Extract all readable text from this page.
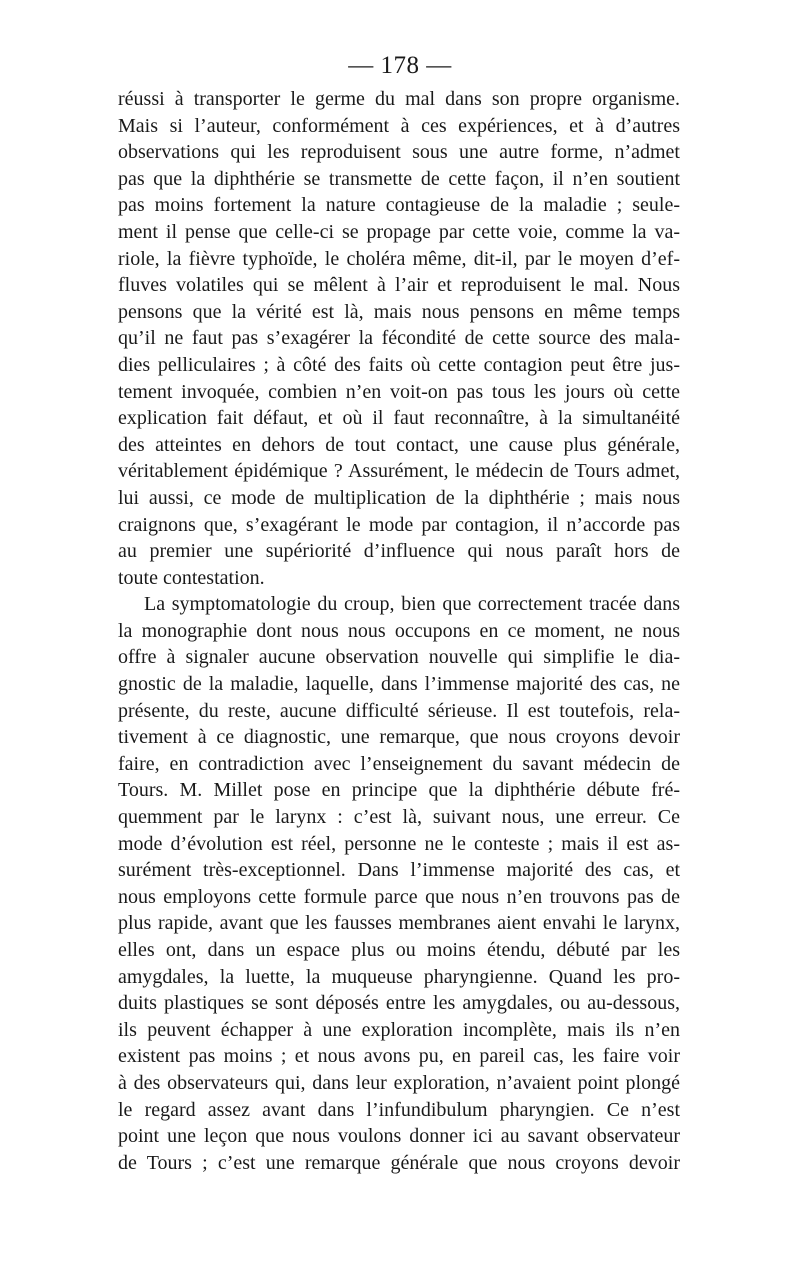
— 178 —
réussi à transporter le germe du mal dans son propre organisme.
Mais si l’auteur, conformément à ces expériences, et à d’autres
observations qui les reproduisent sous une autre forme, n’admet
pas que la diphthérie se transmette de cette façon, il n’en soutient
pas moins fortement la nature contagieuse de la maladie ; seule-
ment il pense que celle-ci se propage par cette voie, comme la va-
riole, la fièvre typhoïde, le choléra même, dit-il, par le moyen d’ef-
fluves volatiles qui se mêlent à l’air et reproduisent le mal. Nous
pensons que la vérité est là, mais nous pensons en même temps
qu’il ne faut pas s’exagérer la fécondité de cette source des mala-
dies pelliculaires ; à côté des faits où cette contagion peut être jus-
tement invoquée, combien n’en voit-on pas tous les jours où cette
explication fait défaut, et où il faut reconnaître, à la simultanéité
des atteintes en dehors de tout contact, une cause plus générale,
véritablement épidémique ? Assurément, le médecin de Tours admet,
lui aussi, ce mode de multiplication de la diphthérie ; mais nous
craignons que, s’exagérant le mode par contagion, il n’accorde pas
au premier une supériorité d’influence qui nous paraît hors de
toute contestation.
La symptomatologie du croup, bien que correctement tracée dans
la monographie dont nous nous occupons en ce moment, ne nous
offre à signaler aucune observation nouvelle qui simplifie le dia-
gnostic de la maladie, laquelle, dans l’immense majorité des cas, ne
présente, du reste, aucune difficulté sérieuse. Il est toutefois, rela-
tivement à ce diagnostic, une remarque, que nous croyons devoir
faire, en contradiction avec l’enseignement du savant médecin de
Tours. M. Millet pose en principe que la diphthérie débute fré-
quemment par le larynx : c’est là, suivant nous, une erreur. Ce
mode d’évolution est réel, personne ne le conteste ; mais il est as-
surément très-exceptionnel. Dans l’immense majorité des cas, et
nous employons cette formule parce que nous n’en trouvons pas de
plus rapide, avant que les fausses membranes aient envahi le larynx,
elles ont, dans un espace plus ou moins étendu, débuté par les
amygdales, la luette, la muqueuse pharyngienne. Quand les pro-
duits plastiques se sont déposés entre les amygdales, ou au-dessous,
ils peuvent échapper à une exploration incomplète, mais ils n’en
existent pas moins ; et nous avons pu, en pareil cas, les faire voir
à des observateurs qui, dans leur exploration, n’avaient point plongé
le regard assez avant dans l’infundibulum pharyngien. Ce n’est
point une leçon que nous voulons donner ici au savant observateur
de Tours ; c’est une remarque générale que nous croyons devoir
